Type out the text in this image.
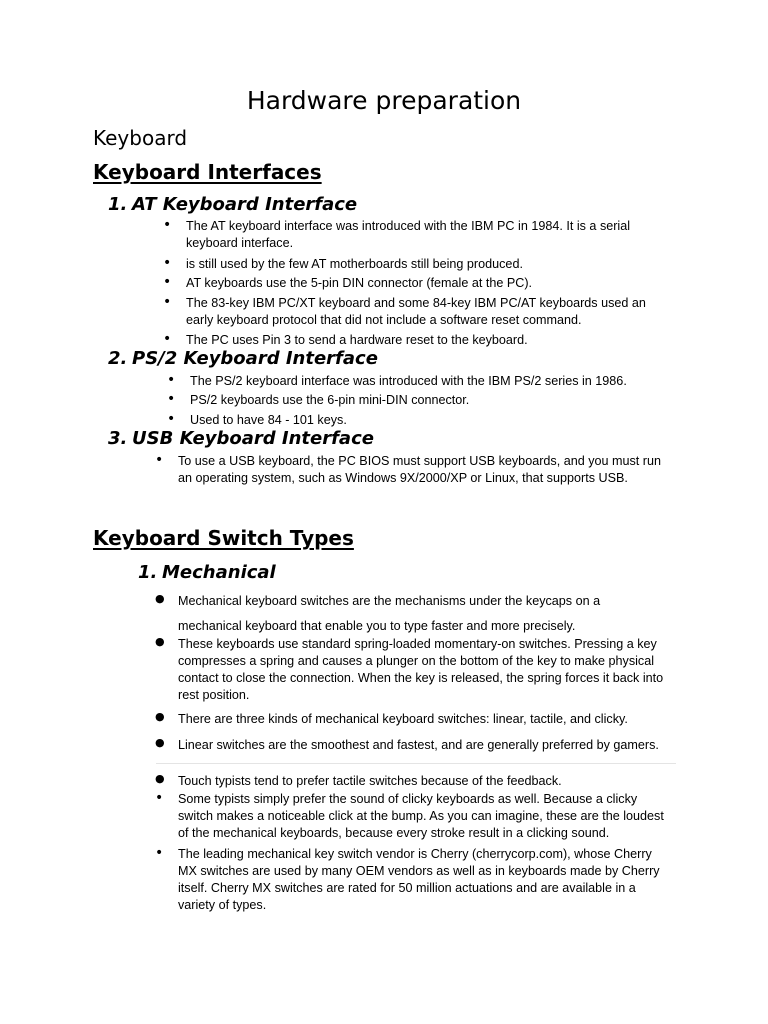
Hardware preparation
Keyboard
Keyboard Interfaces
1. AT Keyboard Interface
• The AT keyboard interface was introduced with the IBM PC in 1984. It is a serial keyboard interface.
• is still used by the few AT motherboards still being produced.
• AT keyboards use the 5-pin DIN connector (female at the PC).
• The 83-key IBM PC/XT keyboard and some 84-key IBM PC/AT keyboards used an early keyboard protocol that did not include a software reset command.
• The PC uses Pin 3 to send a hardware reset to the keyboard.
2. PS/2 Keyboard Interface
• The PS/2 keyboard interface was introduced with the IBM PS/2 series in 1986.
• PS/2 keyboards use the 6-pin mini-DIN connector.
• Used to have 84 - 101 keys.
3. USB Keyboard Interface
• To use a USB keyboard, the PC BIOS must support USB keyboards, and you must run an operating system, such as Windows 9X/2000/XP or Linux, that supports USB.
Keyboard Switch Types
1. Mechanical
● Mechanical keyboard switches are the mechanisms under the keycaps on a
mechanical keyboard that enable you to type faster and more precisely.
● These keyboards use standard spring-loaded momentary-on switches. Pressing a key compresses a spring and causes a plunger on the bottom of the key to make physical contact to close the connection. When the key is released, the spring forces it back into rest position.
● There are three kinds of mechanical keyboard switches: linear, tactile, and clicky.
● Linear switches are the smoothest and fastest, and are generally preferred by gamers.
● Touch typists tend to prefer tactile switches because of the feedback.
• Some typists simply prefer the sound of clicky keyboards as well. Because a clicky switch makes a noticeable click at the bump. As you can imagine, these are the loudest of the mechanical keyboards, because every stroke result in a clicking sound.
• The leading mechanical key switch vendor is Cherry (cherrycorp.com), whose Cherry MX switches are used by many OEM vendors as well as in keyboards made by Cherry itself. Cherry MX switches are rated for 50 million actuations and are available in a variety of types.
